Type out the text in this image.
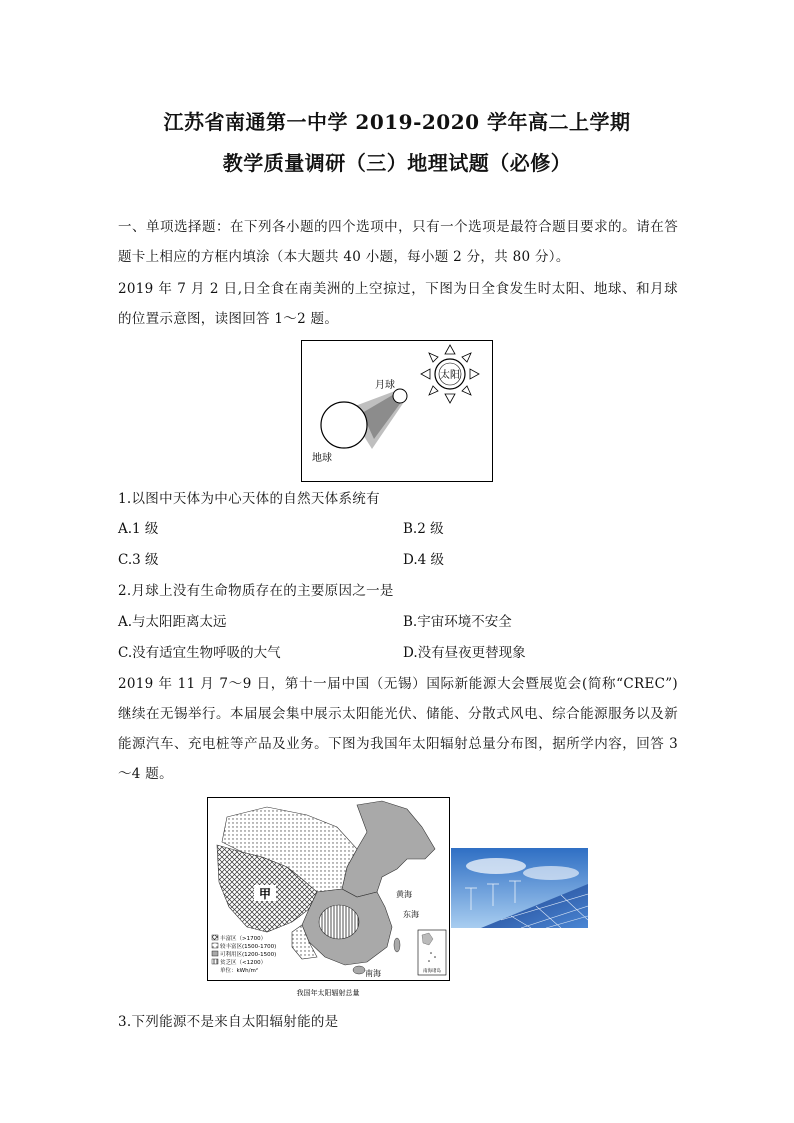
江苏省南通第一中学 2019-2020 学年高二上学期
教学质量调研（三）地理试题（必修）
一、单项选择题：在下列各小题的四个选项中，只有一个选项是最符合题目要求的。请在答题卡上相应的方框内填涂（本大题共 40 小题，每小题 2 分，共 80 分）。
2019 年 7 月 2 日,日全食在南美洲的上空掠过，下图为日全食发生时太阳、地球、和月球的位置示意图，读图回答 1～2 题。
太阳
月球
地球
1.以图中天体为中心天体的自然天体系统有
A.1 级	B.2 级
C.3 级	D.4 级
2.月球上没有生命物质存在的主要原因之一是
A.与太阳距离太远	B.宇宙环境不安全
C.没有适宜生物呼吸的大气	D.没有昼夜更替现象
2019 年 11 月 7～9 日，第十一届中国（无锡）国际新能源大会暨展览会(简称“CREC”)继续在无锡举行。本届展会集中展示太阳能光伏、储能、分散式风电、综合能源服务以及新能源汽车、充电桩等产品及业务。下图为我国年太阳辐射总量分布图，据所学内容，回答 3～4 题。
甲	黄海
东海
南海
丰富区（>1700）
较丰富区(1500-1700)
可利用区(1200-1500)
贫乏区（<1200）
单位：kWh/m²	南海诸岛
我国年太阳辐射总量
3.下列能源不是来自太阳辐射能的是
